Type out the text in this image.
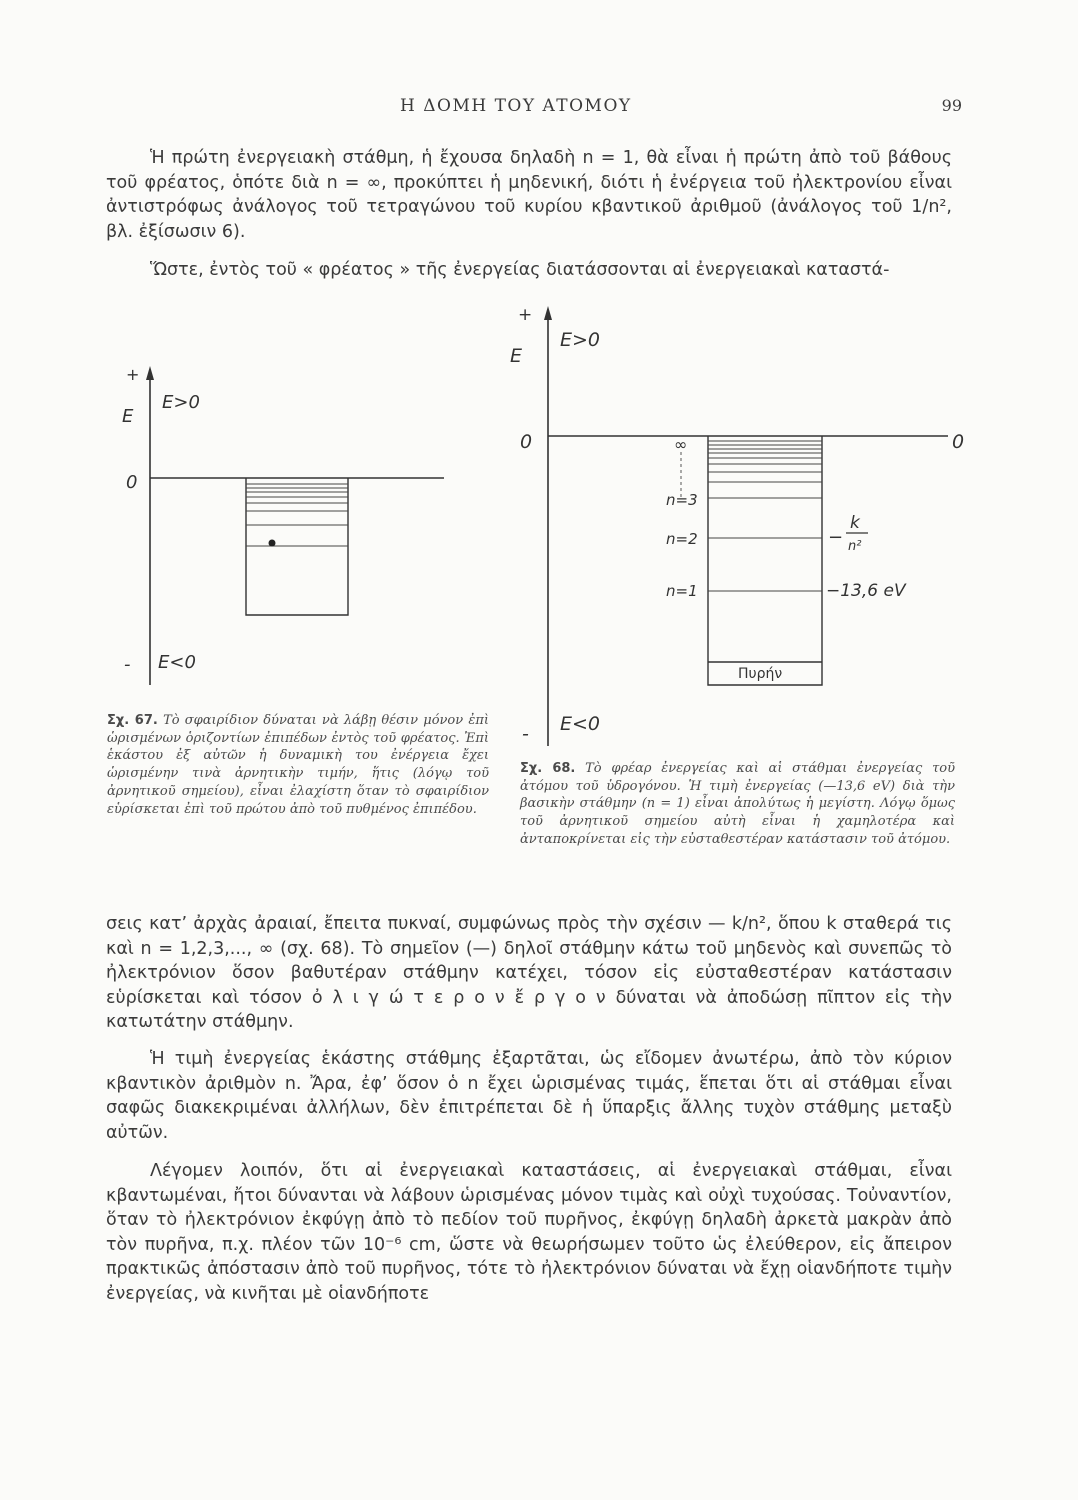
Η ΔΟΜΗ ΤΟΥ ΑΤΟΜΟΥ	99

Ἡ πρώτη ἐνεργειακὴ στάθμη, ἡ ἔχουσα δηλαδὴ n = 1, θὰ εἶναι ἡ πρώτη ἀπὸ τοῦ βάθους τοῦ φρέατος, ὁπότε διὰ n = ∞, προκύπτει ἡ μηδενική, διότι ἡ ἐνέργεια τοῦ ἠλεκτρονίου εἶναι ἀντιστρόφως ἀνάλογος τοῦ τετραγώνου τοῦ κυρίου κβαντικοῦ ἀριθμοῦ (ἀνάλογος τοῦ 1/n², βλ. ἐξίσωσιν 6).

Ὥστε, ἐντὸς τοῦ « φρέατος » τῆς ἐνεργείας διατάσσονται αἱ ἐνεργειακαὶ καταστά-

+
E
E>0
0
- E<0

Σχ. 67. Τὸ σφαιρίδιον δύναται νὰ λάβῃ θέσιν μόνον ἐπὶ ὡρισμένων ὁριζοντίων ἐπιπέδων ἐντὸς τοῦ φρέατος. Ἐπὶ ἑκάστου ἐξ αὐτῶν ἡ δυναμικὴ του ἐνέργεια ἔχει ὡρισμένην τινὰ ἀρνητικὴν τιμήν, ἥτις (λόγῳ τοῦ ἀρνητικοῦ σημείου), εἶναι ἐλαχίστη ὅταν τὸ σφαιρίδιον εὑρίσκεται ἐπὶ τοῦ πρώτου ἀπὸ τοῦ πυθμένος ἐπιπέδου.

+
E
E>0
0	0
∞
n=3
n=2
n=1
−
k
n²
−13,6 eV
Πυρήν
- E<0

Σχ. 68. Τὸ φρέαρ ἐνεργείας καὶ αἱ στάθμαι ἐνεργείας τοῦ ἀτόμου τοῦ ὑδρογόνου. Ἡ τιμὴ ἐνεργείας (—13,6 eV) διὰ τὴν βασικὴν στάθμην (n = 1) εἶναι ἀπολύτως ἡ μεγίστη. Λόγῳ ὅμως τοῦ ἀρνητικοῦ σημείου αὐτὴ εἶναι ἡ χαμηλοτέρα καὶ ἀνταποκρίνεται εἰς τὴν εὐσταθεστέραν κατάστασιν τοῦ ἀτόμου.

σεις κατ’ ἀρχὰς ἀραιαί, ἔπειτα πυκναί, συμφώνως πρὸς τὴν σχέσιν — k/n², ὅπου k σταθερά τις καὶ n = 1,2,3,..., ∞ (σχ. 68). Τὸ σημεῖον (—) δηλοῖ στάθμην κάτω τοῦ μηδενὸς καὶ συνεπῶς τὸ ἠλεκτρόνιον ὅσον βαθυτέραν στάθμην κατέχει, τόσον εἰς εὐσταθεστέραν κατάστασιν εὑρίσκεται καὶ τόσον ὀ λ ι γ ώ τ ε ρ ο ν ἔ ρ γ ο ν δύναται νὰ ἀποδώσῃ πῖπτον εἰς τὴν κατωτάτην στάθμην.

Ἡ τιμὴ ἐνεργείας ἑκάστης στάθμης ἐξαρτᾶται, ὡς εἴδομεν ἀνωτέρω, ἀπὸ τὸν κύριον κβαντικὸν ἀριθμὸν n. Ἄρα, ἐφ’ ὅσον ὁ n ἔχει ὡρισμένας τιμάς, ἕπεται ὅτι αἱ στάθμαι εἶναι σαφῶς διακεκριμέναι ἀλλήλων, δὲν ἐπιτρέπεται δὲ ἡ ὕπαρξις ἄλλης τυχὸν στάθμης μεταξὺ αὐτῶν.

Λέγομεν λοιπόν, ὅτι αἱ ἐνεργειακαὶ καταστάσεις, αἱ ἐνεργειακαὶ στάθμαι, εἶναι κβαντωμέναι, ἤτοι δύνανται νὰ λάβουν ὡρισμένας μόνον τιμὰς καὶ οὐχὶ τυχούσας. Τοὐναντίον, ὅταν τὸ ἠλεκτρόνιον ἐκφύγῃ ἀπὸ τὸ πεδίον τοῦ πυρῆνος, ἐκφύγῃ δηλαδὴ ἀρκετὰ μακρὰν ἀπὸ τὸν πυρῆνα, π.χ. πλέον τῶν 10⁻⁶ cm, ὥστε νὰ θεωρήσωμεν τοῦτο ὡς ἐλεύθερον, εἰς ἄπειρον πρακτικῶς ἀπόστασιν ἀπὸ τοῦ πυρῆνος, τότε τὸ ἠλεκτρόνιον δύναται νὰ ἔχῃ οἱανδήποτε τιμὴν ἐνεργείας, νὰ κινῆται μὲ οἱανδήποτε
